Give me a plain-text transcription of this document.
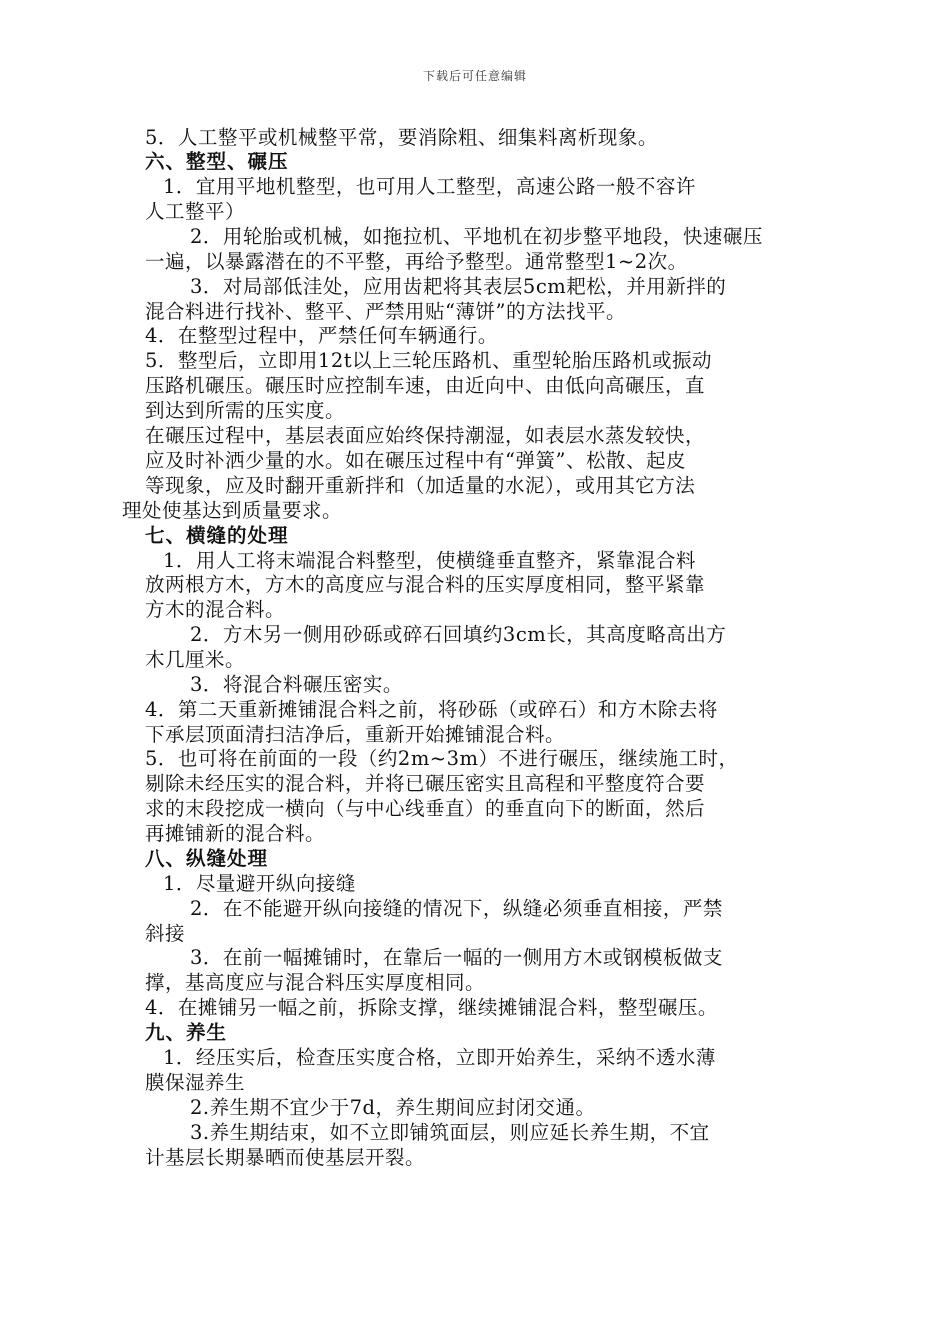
下载后可任意编辑
5．人工整平或机械整平常，要消除粗、细集料离析现象。
六、整型、碾压
1．宜用平地机整型，也可用人工整型，高速公路一般不容许
人工整平）
2．用轮胎或机械，如拖拉机、平地机在初步整平地段，快速碾压
一遍，以暴露潜在的不平整，再给予整型。通常整型1~2次。
3．对局部低洼处，应用齿耙将其表层5cm耙松，并用新拌的
混合料进行找补、整平、严禁用贴“薄饼”的方法找平。
4．在整型过程中，严禁任何车辆通行。
5．整型后，立即用12t以上三轮压路机、重型轮胎压路机或振动
压路机碾压。碾压时应控制车速，由近向中、由低向高碾压，直
到达到所需的压实度。
在碾压过程中，基层表面应始终保持潮湿，如表层水蒸发较快，
应及时补洒少量的水。如在碾压过程中有“弹簧”、松散、起皮
等现象，应及时翻开重新拌和（加适量的水泥），或用其它方法
理处使基达到质量要求。
七、横缝的处理
1．用人工将末端混合料整型，使横缝垂直整齐，紧靠混合料
放两根方木，方木的高度应与混合料的压实厚度相同，整平紧靠
方木的混合料。
2．方木另一侧用砂砾或碎石回填约3cm长，其高度略高出方
木几厘米。
3．将混合料碾压密实。
4．第二天重新摊铺混合料之前，将砂砾（或碎石）和方木除去将
下承层顶面清扫洁净后，重新开始摊铺混合料。
5．也可将在前面的一段（约2m~3m）不进行碾压，继续施工时，
剔除未经压实的混合料，并将已碾压密实且高程和平整度符合要
求的末段挖成一横向（与中心线垂直）的垂直向下的断面，然后
再摊铺新的混合料。
八、纵缝处理
1．尽量避开纵向接缝
2．在不能避开纵向接缝的情况下，纵缝必须垂直相接，严禁
斜接
3．在前一幅摊铺时，在靠后一幅的一侧用方木或钢模板做支
撑，基高度应与混合料压实厚度相同。
4．在摊铺另一幅之前，拆除支撑，继续摊铺混合料，整型碾压。
九、养生
1．经压实后，检查压实度合格，立即开始养生，采纳不透水薄
膜保湿养生
2.养生期不宜少于7d，养生期间应封闭交通。
3.养生期结束，如不立即铺筑面层，则应延长养生期，不宜
计基层长期暴晒而使基层开裂。
